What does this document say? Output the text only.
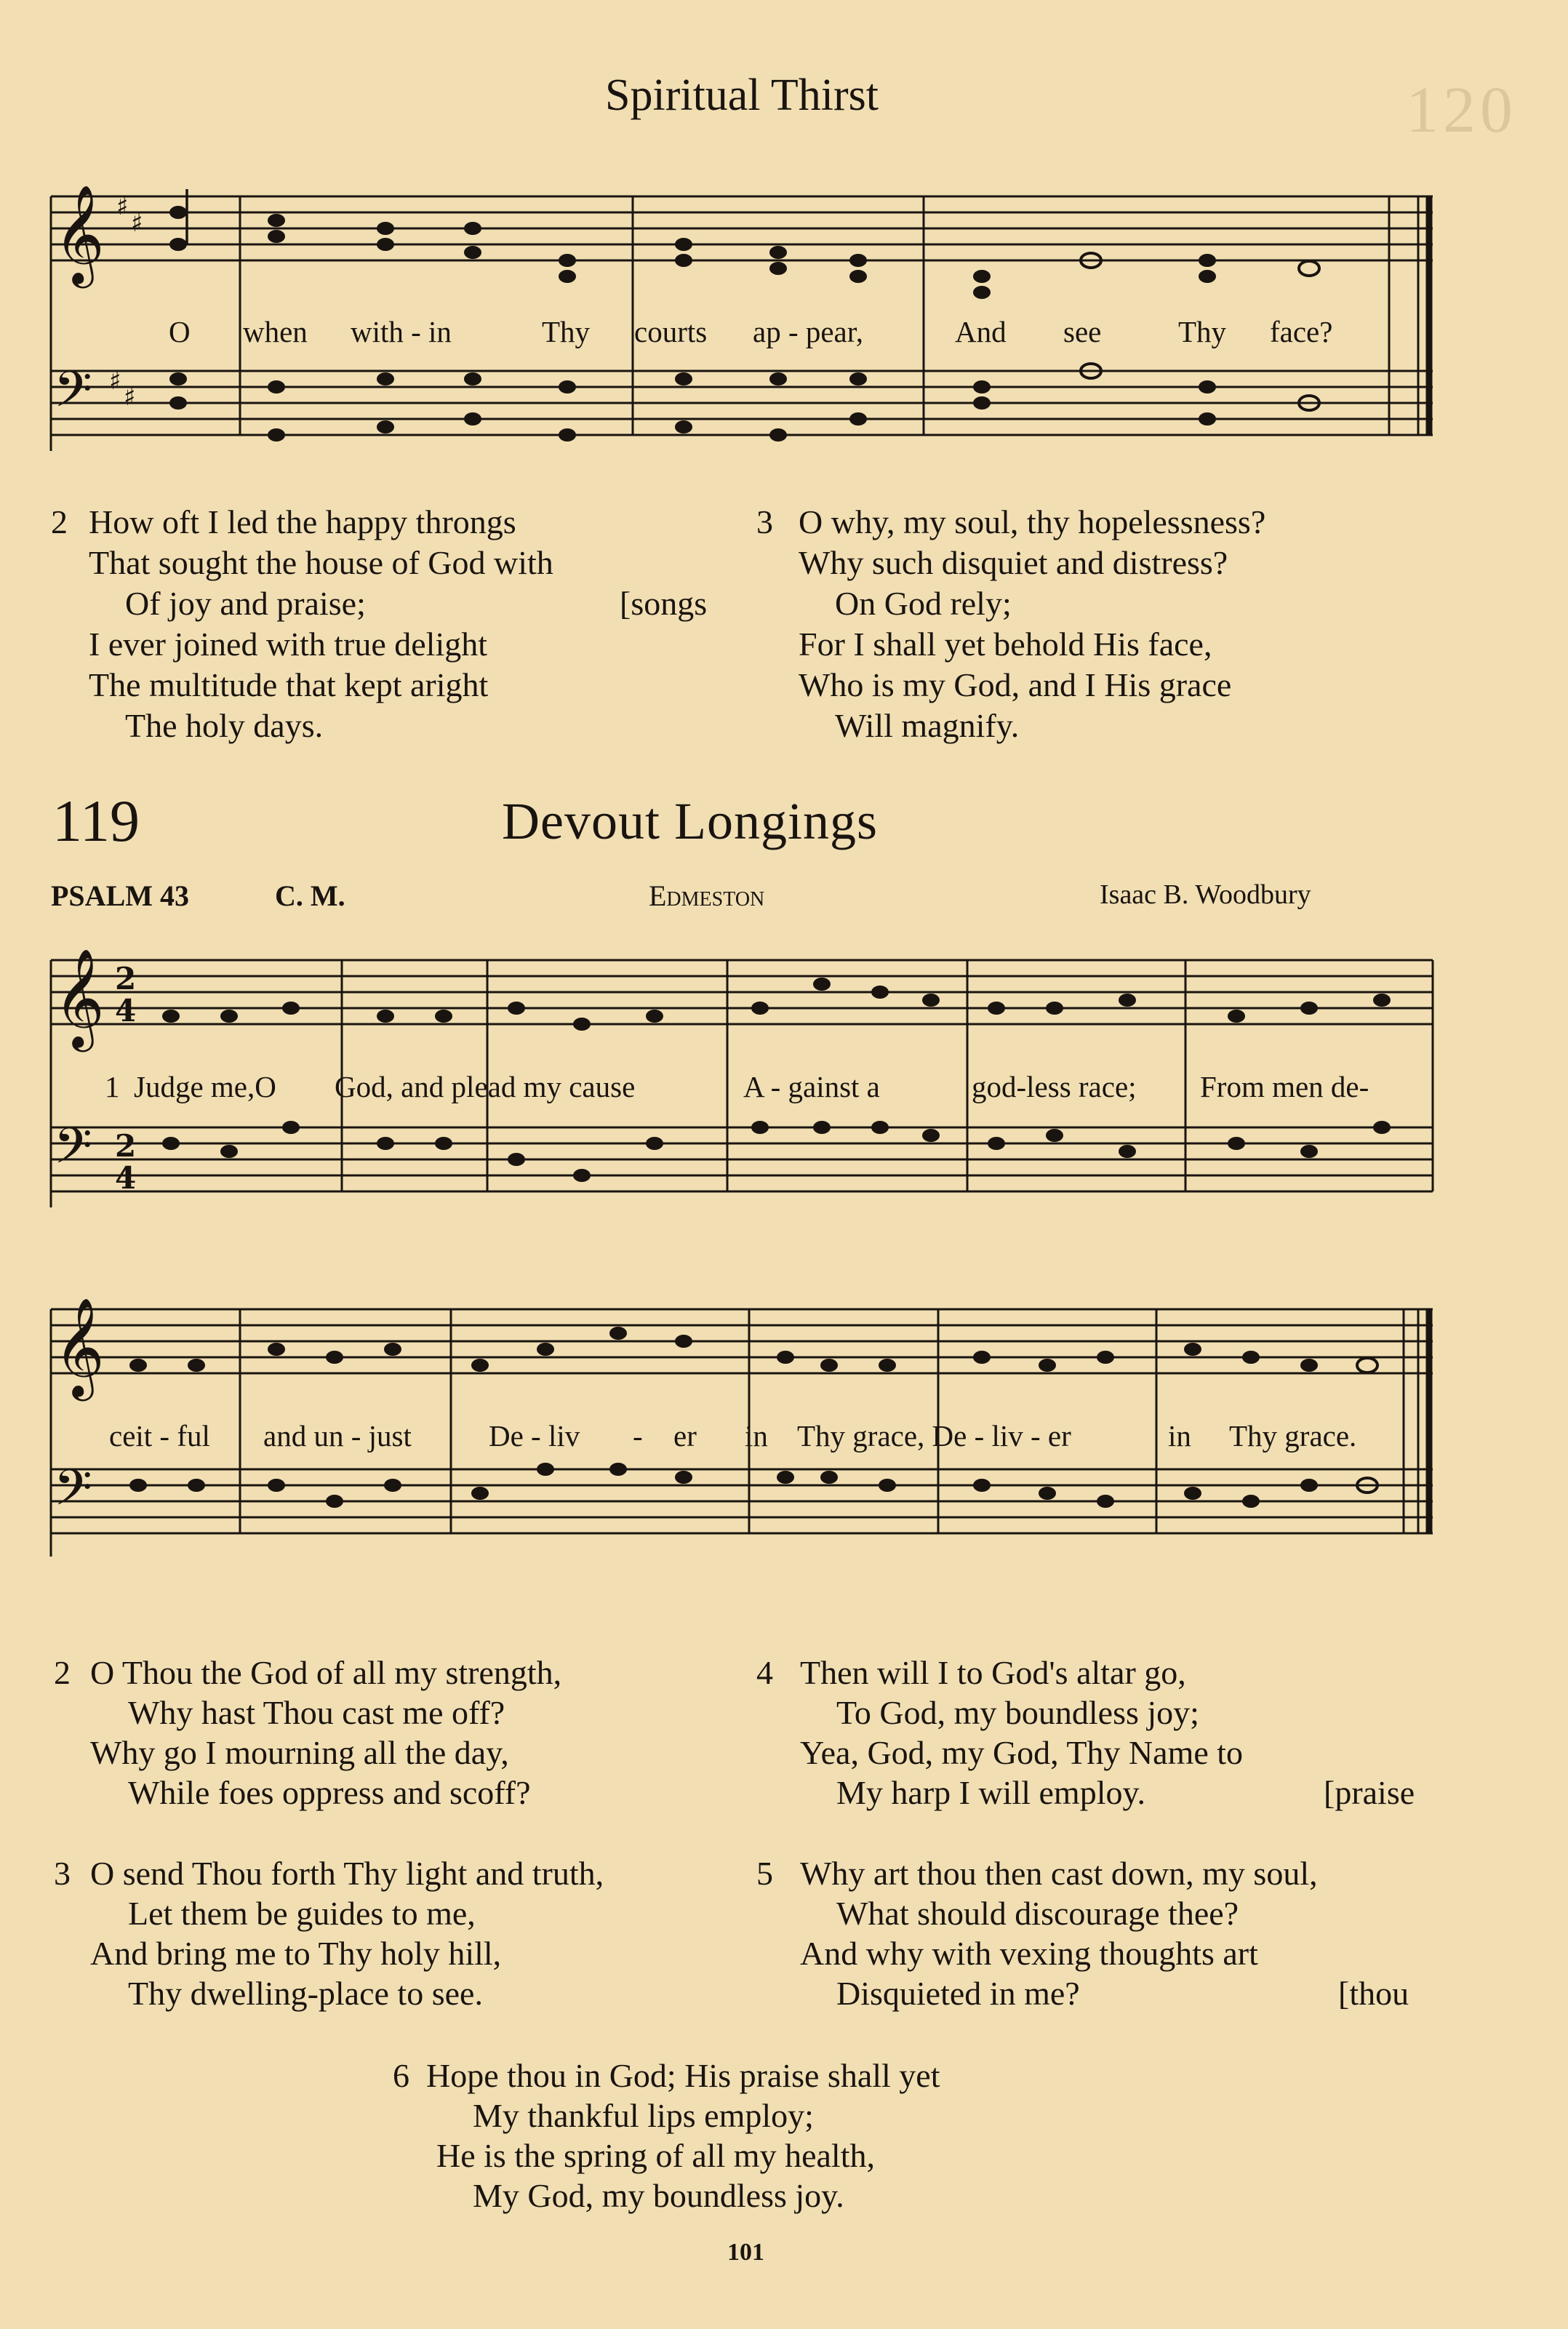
Spiritual Thirst	120
𝄞 ♯
♯
𝄢 ♯
♯
O when with - in	Thy courts ap - pear,	And see	Thy face?
2 How oft I led the happy throngs
That sought the house of God with
Of joy and praise;	[songs
I ever joined with true delight
The multitude that kept aright
The holy days.
3 O why, my soul, thy hopelessness?
Why such disquiet and distress?
On God rely;
For I shall yet behold His face,
Who is my God, and I His grace
Will magnify.
119	Devout Longings
PSALM 43	C. M.	Edmeston	Isaac B. Woodbury
𝄞 2
4
𝄢 2
4
1 Judge me,O God, and plead my cause	A - gainst a	god-less race; From men de-
𝄞
𝄢
ceit - ful and un - just	De - liv - er in Thy grace, De - liv - er	in Thy grace.
2 O Thou the God of all my strength,
Why hast Thou cast me off?
Why go I mourning all the day,
While foes oppress and scoff?
4 Then will I to God's altar go,
To God, my boundless joy;
Yea, God, my God, Thy Name to
My harp I will employ.	[praise
3 O send Thou forth Thy light and truth,
Let them be guides to me,
And bring me to Thy holy hill,
Thy dwelling-place to see.
5 Why art thou then cast down, my soul,
What should discourage thee?
And why with vexing thoughts art
Disquieted in me?	[thou
6 Hope thou in God; His praise shall yet
My thankful lips employ;
He is the spring of all my health,
My God, my boundless joy.
101
